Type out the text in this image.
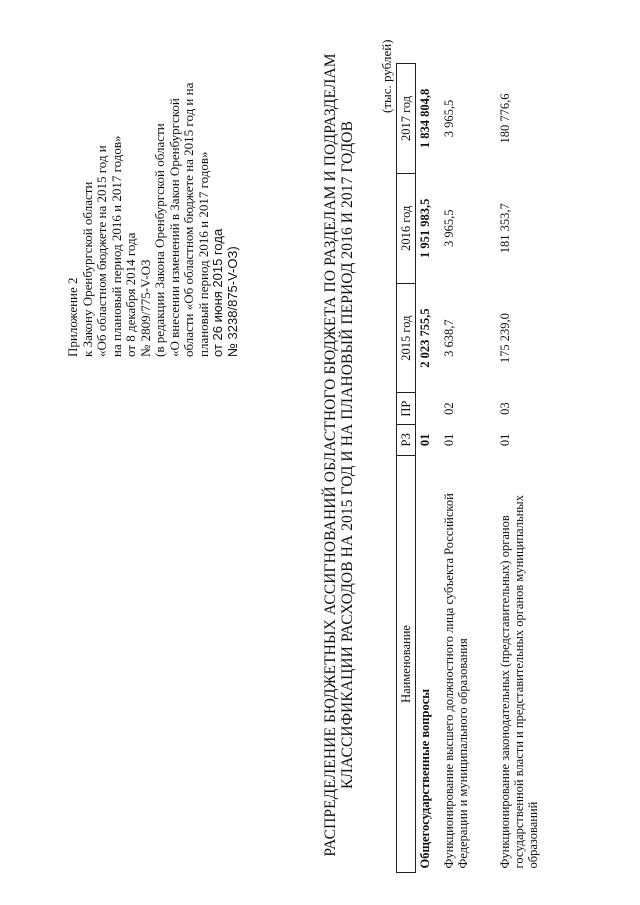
Приложение 2 к Закону Оренбургской области «Об областном бюджете на 2015 год и на плановый период 2016 и 2017 годов» от 8 декабря 2014 года № 2809/775-V-ОЗ (в редакции Закона Оренбургской области «О внесении изменений в Закон Оренбургской области «Об областном бюджете на 2015 год и на плановый период 2016 и 2017 годов» от 26 июня 2015 года № 3238/875-V-ОЗ)	РАСПРЕДЕЛЕНИЕ БЮДЖЕТНЫХ АССИГНОВАНИЙ ОБЛАСТНОГО БЮДЖЕТА ПО РАЗДЕЛАМ И ПОДРАЗДЕЛАМ КЛАССИФИКАЦИИ РАСХОДОВ НА 2015 ГОД И НА ПЛАНОВЫЙ ПЕРИОД 2016 И 2017 ГОДОВ
(тыс. рублей)
Наименование	РЗ	ПР	2015 год	2016 год	2017 год
Общегосударственные вопросы	01		2 023 755,5	1 951 983,5	1 834 804,8
Функционирование высшего должностного лица субъекта Российской Федерации и муниципального образования	01	02	3 638,7	3 965,5	3 965,5
Функционирование законодательных (представительных) органов государственной власти и представительных органов муниципальных образований	01	03	175 239,0	181 353,7	180 776,6
